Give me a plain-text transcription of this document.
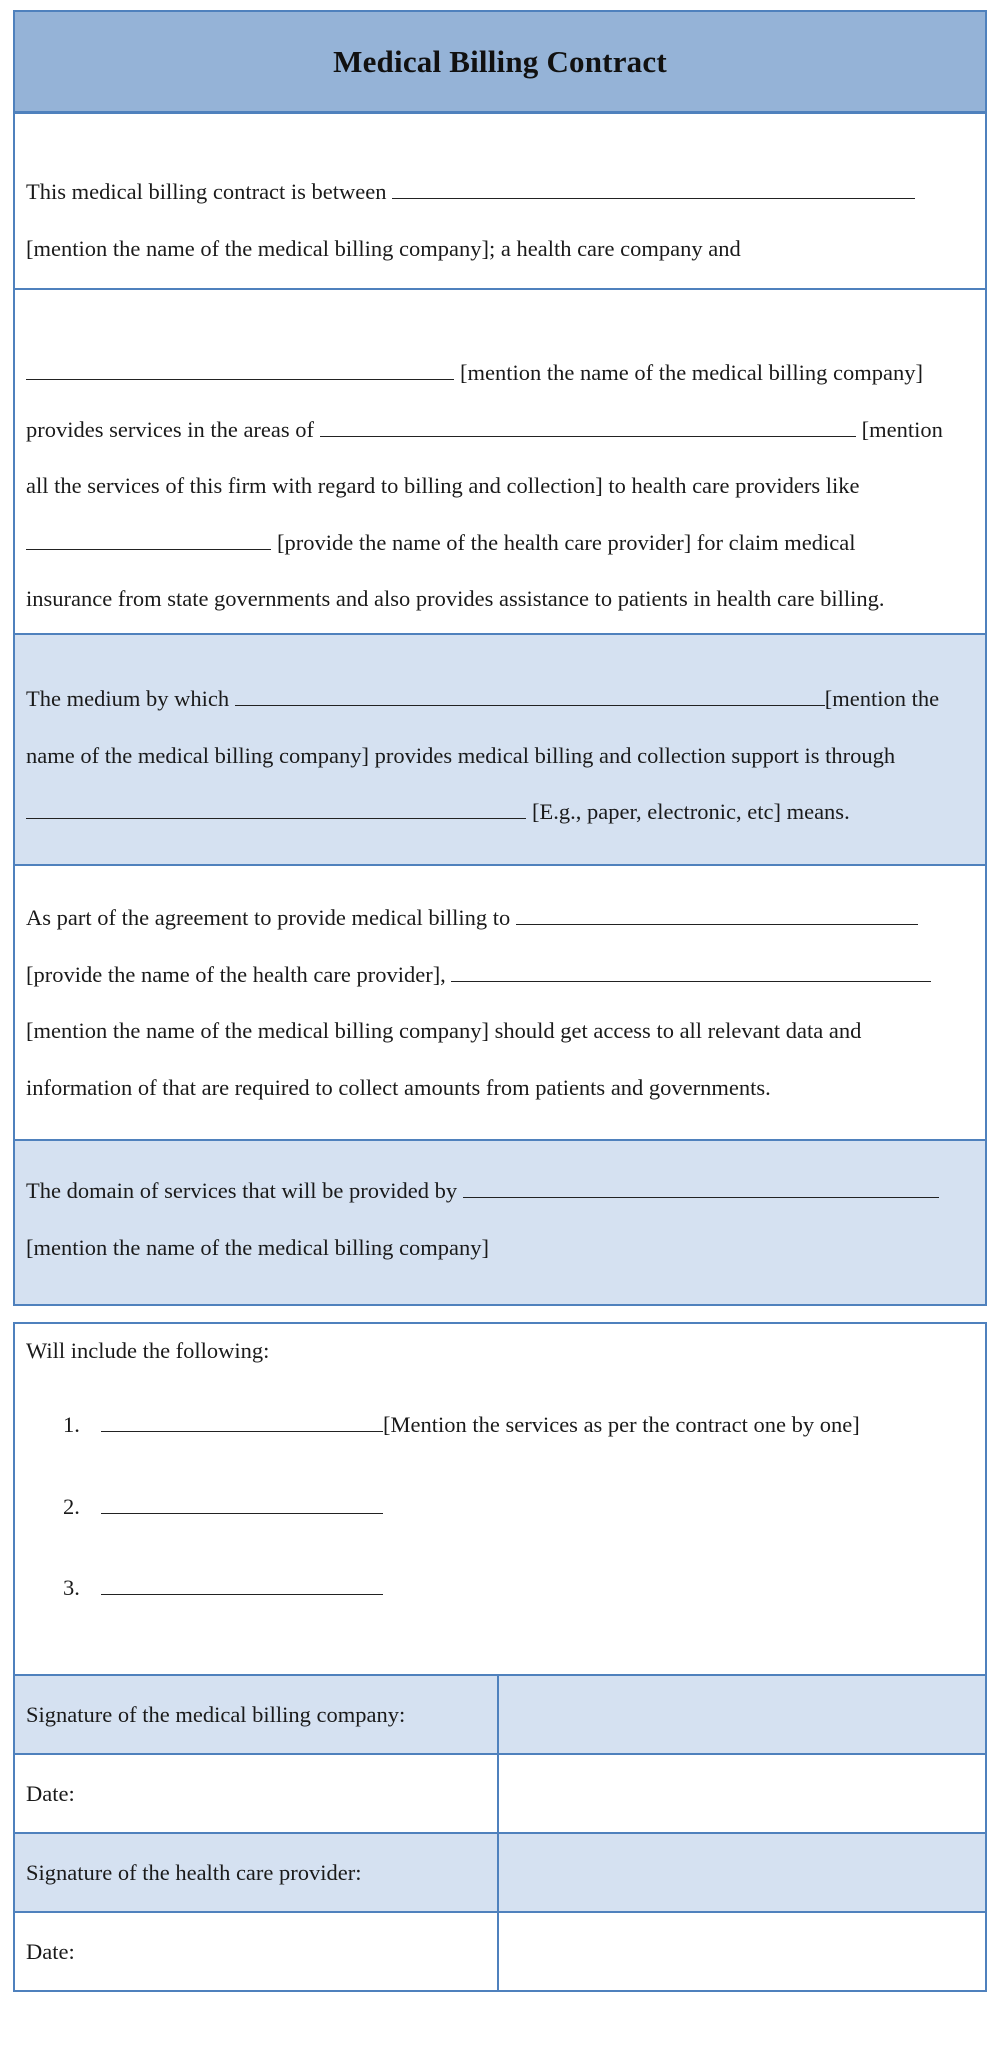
Medical Billing Contract

This medical billing contract is between

[mention the name of the medical billing company]; a health care company and

[mention the name of the medical billing company]

provides services in the areas of	[mention

all the services of this firm with regard to billing and collection] to health care providers like

[provide the name of the health care provider] for claim medical

insurance from state governments and also provides assistance to patients in health care billing.

The medium by which	[mention the

name of the medical billing company] provides medical billing and collection support is through

[E.g., paper, electronic, etc] means.

As part of the agreement to provide medical billing to

[provide the name of the health care provider],

[mention the name of the medical billing company] should get access to all relevant data and

information of that are required to collect amounts from patients and governments.

The domain of services that will be provided by

[mention the name of the medical billing company]

Will include the following:
1.	[Mention the services as per the contract one by one]
2.
3.
Signature of the medical billing company:	
Date:	
Signature of the health care provider:	
Date:	
